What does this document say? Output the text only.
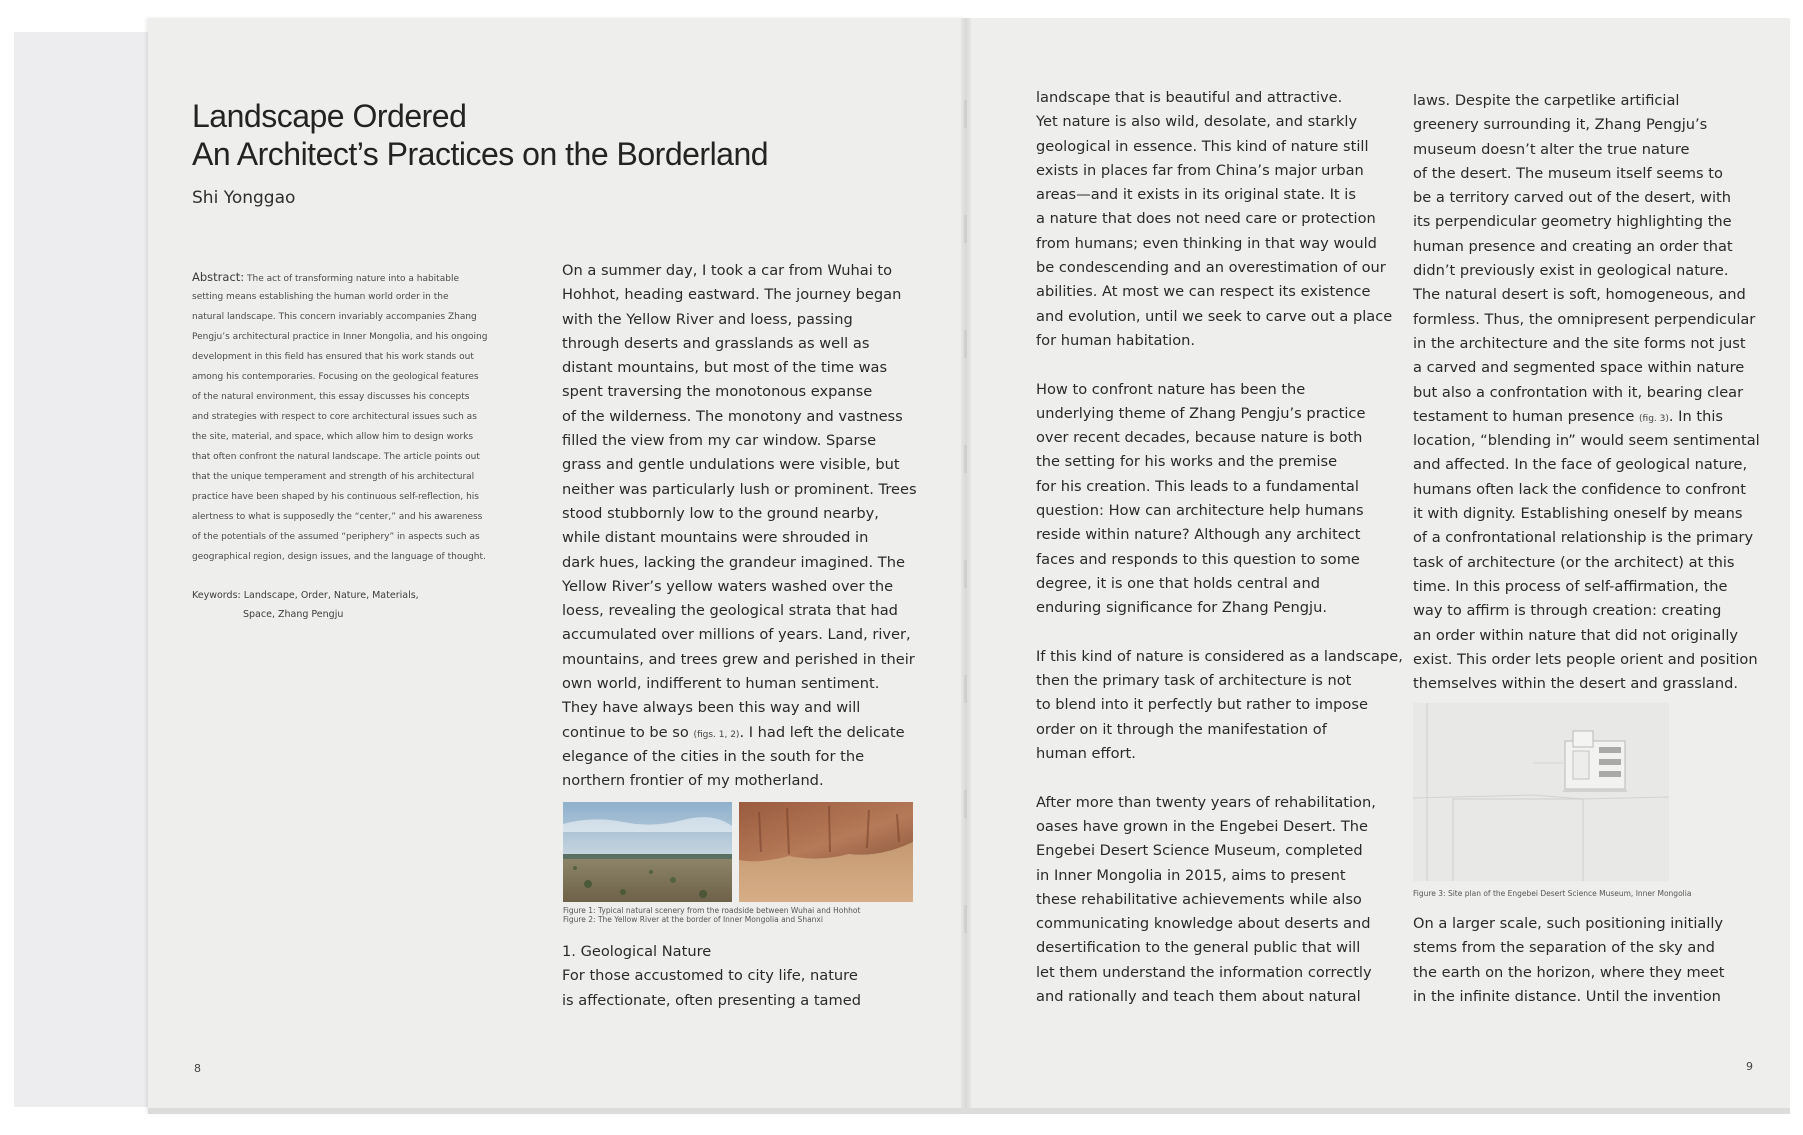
Landscape Ordered
An Architect’s Practices on the Borderland
Shi Yonggao
Abstract: The act of transforming nature into a habitable
setting means establishing the human world order in the
natural landscape. This concern invariably accompanies Zhang
Pengju’s architectural practice in Inner Mongolia, and his ongoing
development in this field has ensured that his work stands out
among his contemporaries. Focusing on the geological features
of the natural environment, this essay discusses his concepts
and strategies with respect to core architectural issues such as
the site, material, and space, which allow him to design works
that often confront the natural landscape. The article points out
that the unique temperament and strength of his architectural
practice have been shaped by his continuous self-reflection, his
alertness to what is supposedly the “center,” and his awareness
of the potentials of the assumed “periphery” in aspects such as
geographical region, design issues, and the language of thought.
Keywords: Landscape, Order, Nature, Materials,
Space, Zhang Pengju
On a summer day, I took a car from Wuhai to
Hohhot, heading eastward. The journey began
with the Yellow River and loess, passing
through deserts and grasslands as well as
distant mountains, but most of the time was
spent traversing the monotonous expanse
of the wilderness. The monotony and vastness
filled the view from my car window. Sparse
grass and gentle undulations were visible, but
neither was particularly lush or prominent. Trees
stood stubbornly low to the ground nearby,
while distant mountains were shrouded in
dark hues, lacking the grandeur imagined. The
Yellow River’s yellow waters washed over the
loess, revealing the geological strata that had
accumulated over millions of years. Land, river,
mountains, and trees grew and perished in their
own world, indifferent to human sentiment.
They have always been this way and will
continue to be so (figs. 1, 2). I had left the delicate
elegance of the cities in the south for the
northern frontier of my motherland.
Figure 1: Typical natural scenery from the roadside between Wuhai and Hohhot
Figure 2: The Yellow River at the border of Inner Mongolia and Shanxi
1. Geological Nature
For those accustomed to city life, nature
is affectionate, often presenting a tamed
8
landscape that is beautiful and attractive.
Yet nature is also wild, desolate, and starkly
geological in essence. This kind of nature still
exists in places far from China’s major urban
areas—and it exists in its original state. It is
a nature that does not need care or protection
from humans; even thinking in that way would
be condescending and an overestimation of our
abilities. At most we can respect its existence
and evolution, until we seek to carve out a place
for human habitation.
How to confront nature has been the
underlying theme of Zhang Pengju’s practice
over recent decades, because nature is both
the setting for his works and the premise
for his creation. This leads to a fundamental
question: How can architecture help humans
reside within nature? Although any architect
faces and responds to this question to some
degree, it is one that holds central and
enduring significance for Zhang Pengju.
If this kind of nature is considered as a landscape,
then the primary task of architecture is not
to blend into it perfectly but rather to impose
order on it through the manifestation of
human effort.
After more than twenty years of rehabilitation,
oases have grown in the Engebei Desert. The
Engebei Desert Science Museum, completed
in Inner Mongolia in 2015, aims to present
these rehabilitative achievements while also
communicating knowledge about deserts and
desertification to the general public that will
let them understand the information correctly
and rationally and teach them about natural
laws. Despite the carpetlike artificial
greenery surrounding it, Zhang Pengju’s
museum doesn’t alter the true nature
of the desert. The museum itself seems to
be a territory carved out of the desert, with
its perpendicular geometry highlighting the
human presence and creating an order that
didn’t previously exist in geological nature.
The natural desert is soft, homogeneous, and
formless. Thus, the omnipresent perpendicular
in the architecture and the site forms not just
a carved and segmented space within nature
but also a confrontation with it, bearing clear
testament to human presence (fig. 3). In this
location, “blending in” would seem sentimental
and affected. In the face of geological nature,
humans often lack the confidence to confront
it with dignity. Establishing oneself by means
of a confrontational relationship is the primary
task of architecture (or the architect) at this
time. In this process of self-affirmation, the
way to affirm is through creation: creating
an order within nature that did not originally
exist. This order lets people orient and position
themselves within the desert and grassland.
Figure 3: Site plan of the Engebei Desert Science Museum, Inner Mongolia
On a larger scale, such positioning initially
stems from the separation of the sky and
the earth on the horizon, where they meet
in the infinite distance. Until the invention
9
